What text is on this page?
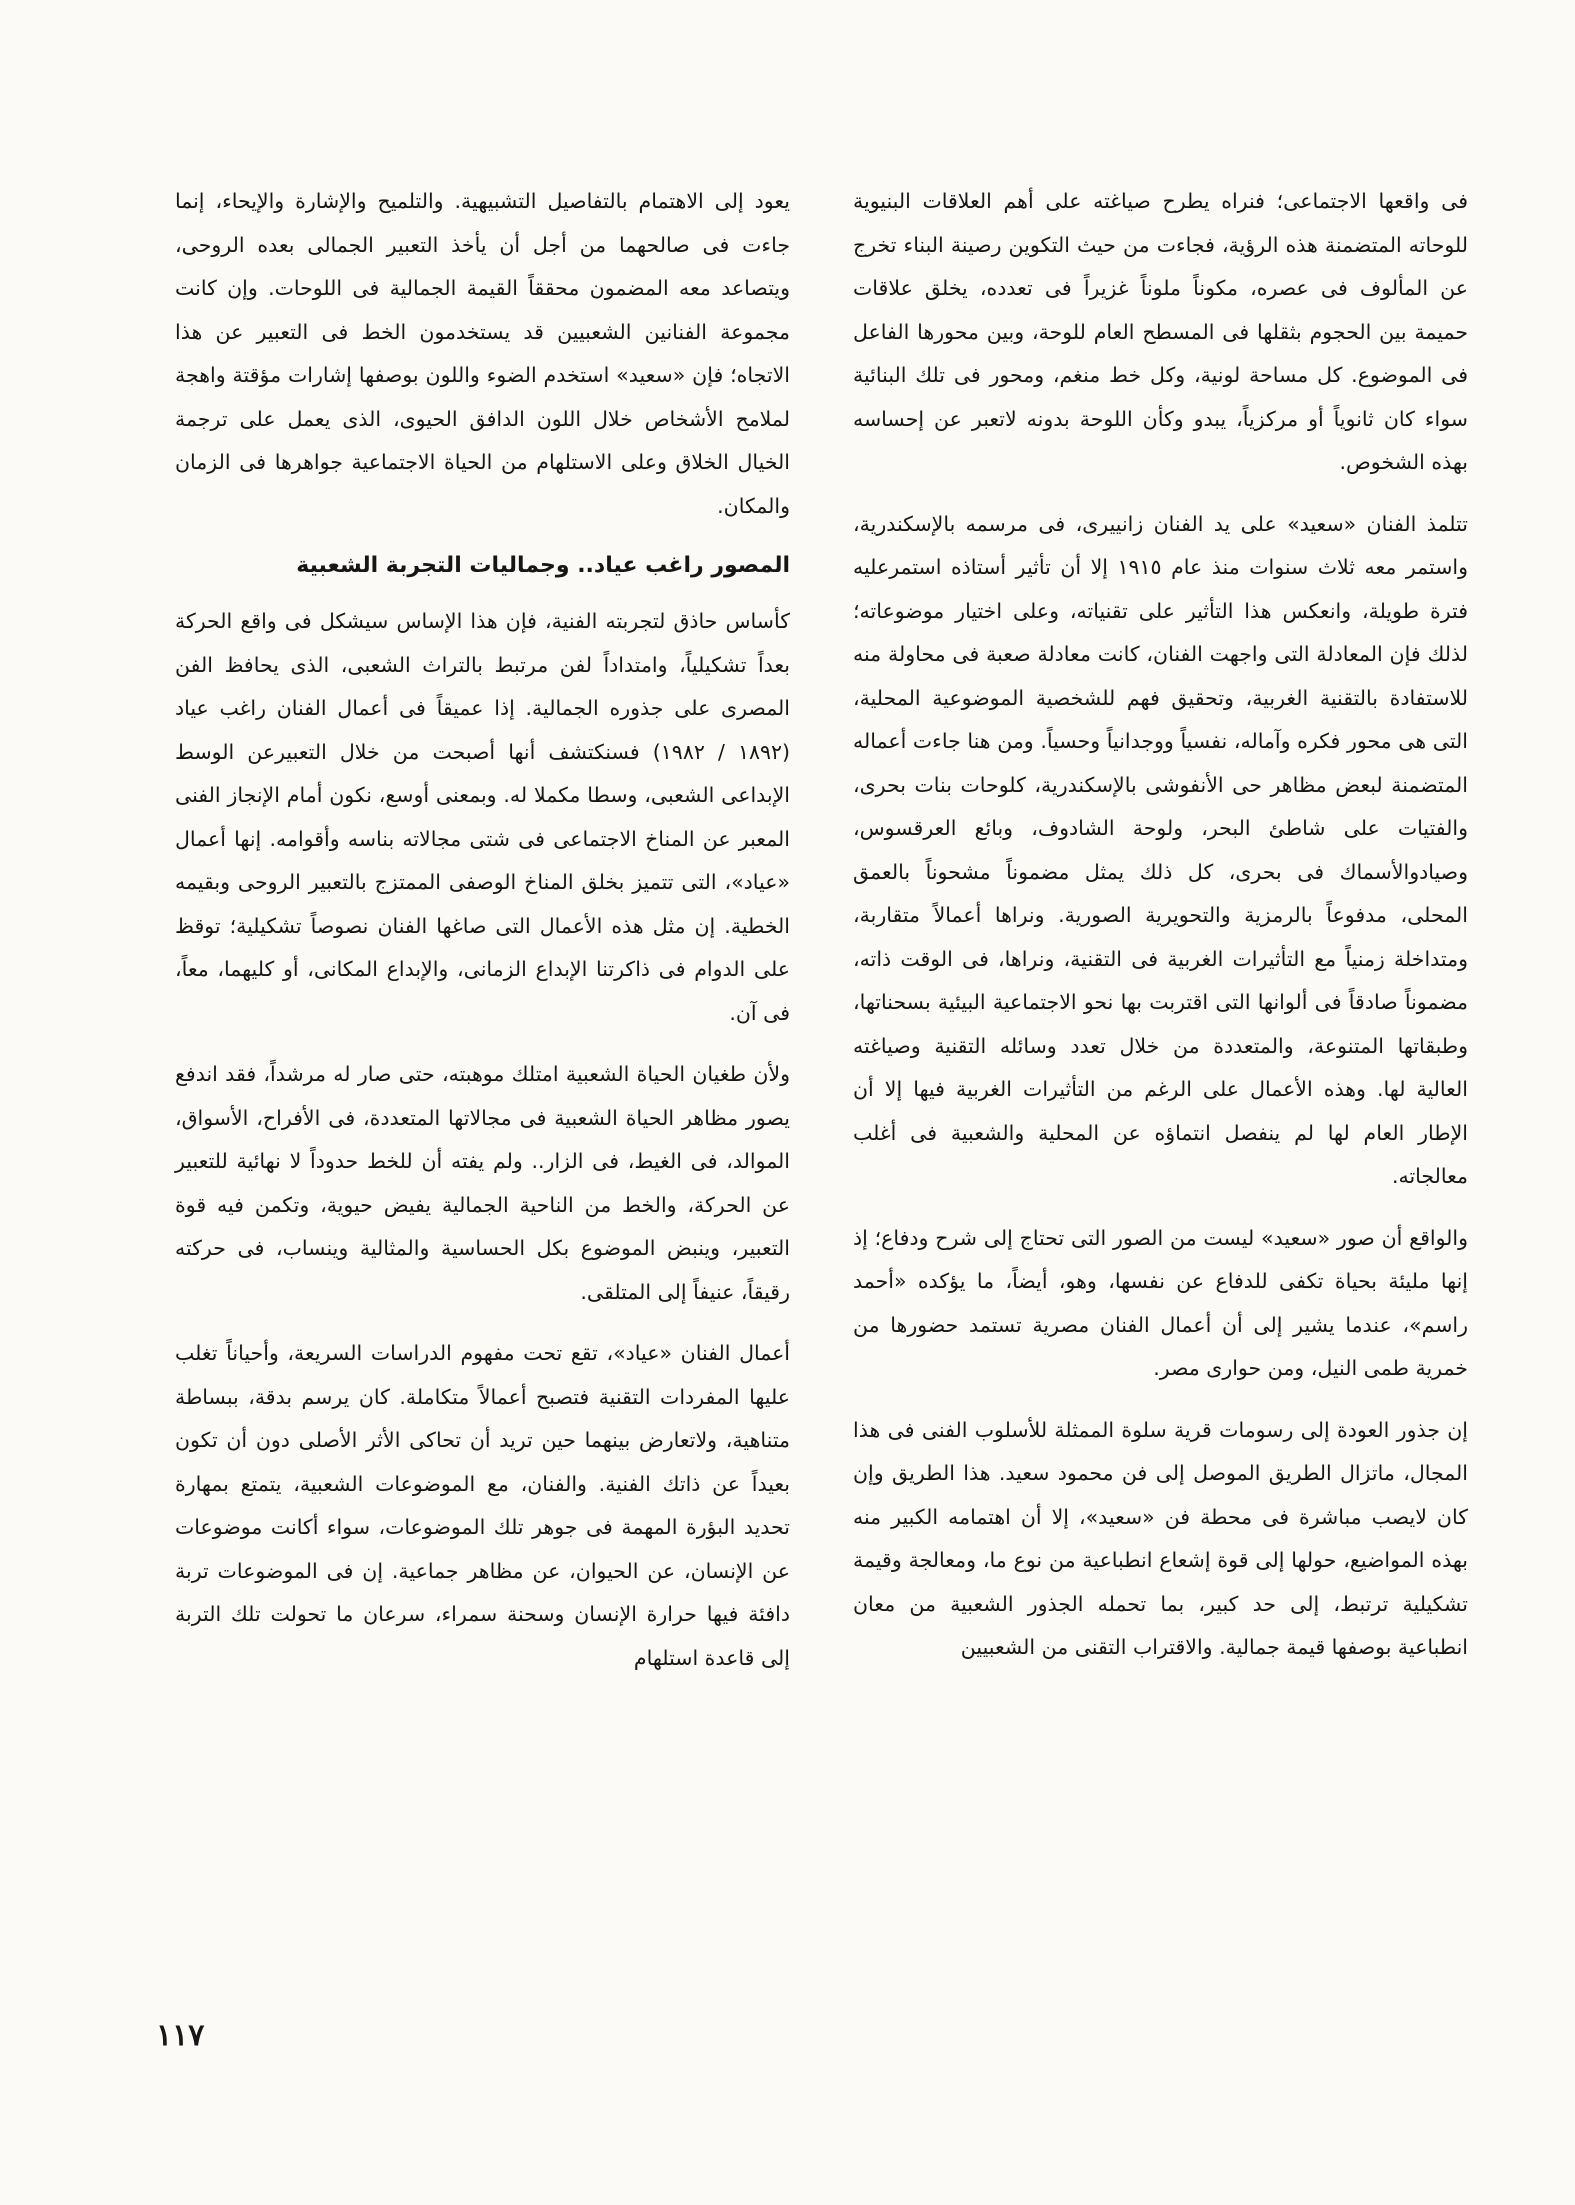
فى واقعها الاجتماعى؛ فنراه يطرح صياغته على أهم العلاقات البنيوية للوحاته المتضمنة هذه الرؤية، فجاءت من حيث التكوين رصينة البناء تخرج عن المألوف فى عصره، مكوناً ملوناً غزيراً فى تعدده، يخلق علاقات حميمة بين الحجوم بثقلها فى المسطح العام للوحة، وبين محورها الفاعل فى الموضوع. كل مساحة لونية، وكل خط منغم، ومحور فى تلك البنائية سواء كان ثانوياً أو مركزياً، يبدو وكأن اللوحة بدونه لاتعبر عن إحساسه بهذه الشخوص.

تتلمذ الفنان «سعيد» على يد الفنان زانييرى، فى مرسمه بالإسكندرية، واستمر معه ثلاث سنوات منذ عام ١٩١٥ إلا أن تأثير أستاذه استمرعليه فترة طويلة، وانعكس هذا التأثير على تقنياته، وعلى اختيار موضوعاته؛ لذلك فإن المعادلة التى واجهت الفنان، كانت معادلة صعبة فى محاولة منه للاستفادة بالتقنية الغربية، وتحقيق فهم للشخصية الموضوعية المحلية، التى هى محور فكره وآماله، نفسياً ووجدانياً وحسياً. ومن هنا جاءت أعماله المتضمنة لبعض مظاهر حى الأنفوشى بالإسكندرية، كلوحات بنات بحرى، والفتيات على شاطئ البحر، ولوحة الشادوف، وبائع العرقسوس، وصيادوالأسماك فى بحرى، كل ذلك يمثل مضموناً مشحوناً بالعمق المحلى، مدفوعاً بالرمزية والتحويرية الصورية. ونراها أعمالاً متقاربة، ومتداخلة زمنياً مع التأثيرات الغربية فى التقنية، ونراها، فى الوقت ذاته، مضموناً صادقاً فى ألوانها التى اقتربت بها نحو الاجتماعية البيئية بسحناتها، وطبقاتها المتنوعة، والمتعددة من خلال تعدد وسائله التقنية وصياغته العالية لها. وهذه الأعمال على الرغم من التأثيرات الغربية فيها إلا أن الإطار العام لها لم ينفصل انتماؤه عن المحلية والشعبية فى أغلب معالجاته.

والواقع أن صور «سعيد» ليست من الصور التى تحتاج إلى شرح ودفاع؛ إذ إنها مليئة بحياة تكفى للدفاع عن نفسها، وهو، أيضاً، ما يؤكده «أحمد راسم»، عندما يشير إلى أن أعمال الفنان مصرية تستمد حضورها من خمرية طمى النيل، ومن حوارى مصر.

إن جذور العودة إلى رسومات قرية سلوة الممثلة للأسلوب الفنى فى هذا المجال، ماتزال الطريق الموصل إلى فن محمود سعيد. هذا الطريق وإن كان لايصب مباشرة فى محطة فن «سعيد»، إلا أن اهتمامه الكبير منه بهذه المواضيع، حولها إلى قوة إشعاع انطباعية من نوع ما، ومعالجة وقيمة تشكيلية ترتبط، إلى حد كبير، بما تحمله الجذور الشعبية من معان انطباعية بوصفها قيمة جمالية. والاقتراب التقنى من الشعبيين

يعود إلى الاهتمام بالتفاصيل التشبيهية. والتلميح والإشارة والإيحاء، إنما جاءت فى صالحهما من أجل أن يأخذ التعبير الجمالى بعده الروحى، ويتصاعد معه المضمون محققاً القيمة الجمالية فى اللوحات. وإن كانت مجموعة الفنانين الشعبيين قد يستخدمون الخط فى التعبير عن هذا الاتجاه؛ فإن «سعيد» استخدم الضوء واللون بوصفها إشارات مؤقتة واهجة لملامح الأشخاص خلال اللون الدافق الحيوى، الذى يعمل على ترجمة الخيال الخلاق وعلى الاستلهام من الحياة الاجتماعية جواهرها فى الزمان والمكان.

المصور راغب عياد.. وجماليات التجربة الشعبية

كأساس حاذق لتجربته الفنية، فإن هذا الإساس سيشكل فى واقع الحركة بعداً تشكيلياً، وامتداداً لفن مرتبط بالتراث الشعبى، الذى يحافظ الفن المصرى على جذوره الجمالية. إذا عميقاً فى أعمال الفنان راغب عياد (١٨٩٢ / ١٩٨٢) فسنكتشف أنها أصبحت من خلال التعبيرعن الوسط الإبداعى الشعبى، وسطا مكملا له. وبمعنى أوسع، نكون أمام الإنجاز الفنى المعبر عن المناخ الاجتماعى فى شتى مجالاته بناسه وأقوامه. إنها أعمال «عياد»، التى تتميز بخلق المناخ الوصفى الممتزج بالتعبير الروحى وبقيمه الخطية. إن مثل هذه الأعمال التى صاغها الفنان نصوصاً تشكيلية؛ توقظ على الدوام فى ذاكرتنا الإبداع الزمانى، والإبداع المكانى، أو كليهما، معاً، فى آن.

ولأن طغيان الحياة الشعبية امتلك موهبته، حتى صار له مرشداً، فقد اندفع يصور مظاهر الحياة الشعبية فى مجالاتها المتعددة، فى الأفراح، الأسواق، الموالد، فى الغيط، فى الزار.. ولم يفته أن للخط حدوداً لا نهائية للتعبير عن الحركة، والخط من الناحية الجمالية يفيض حيوية، وتكمن فيه قوة التعبير، وينبض الموضوع بكل الحساسية والمثالية وينساب، فى حركته رقيقاً، عنيفاً إلى المتلقى.

أعمال الفنان «عياد»، تقع تحت مفهوم الدراسات السريعة، وأحياناً تغلب عليها المفردات التقنية فتصبح أعمالاً متكاملة. كان يرسم بدقة، ببساطة متناهية، ولاتعارض بينهما حين تريد أن تحاكى الأثر الأصلى دون أن تكون بعيداً عن ذاتك الفنية. والفنان، مع الموضوعات الشعبية، يتمتع بمهارة تحديد البؤرة المهمة فى جوهر تلك الموضوعات، سواء أكانت موضوعات عن الإنسان، عن الحيوان، عن مظاهر جماعية. إن فى الموضوعات تربة دافئة فيها حرارة الإنسان وسحنة سمراء، سرعان ما تحولت تلك التربة إلى قاعدة استلهام

١١٧
